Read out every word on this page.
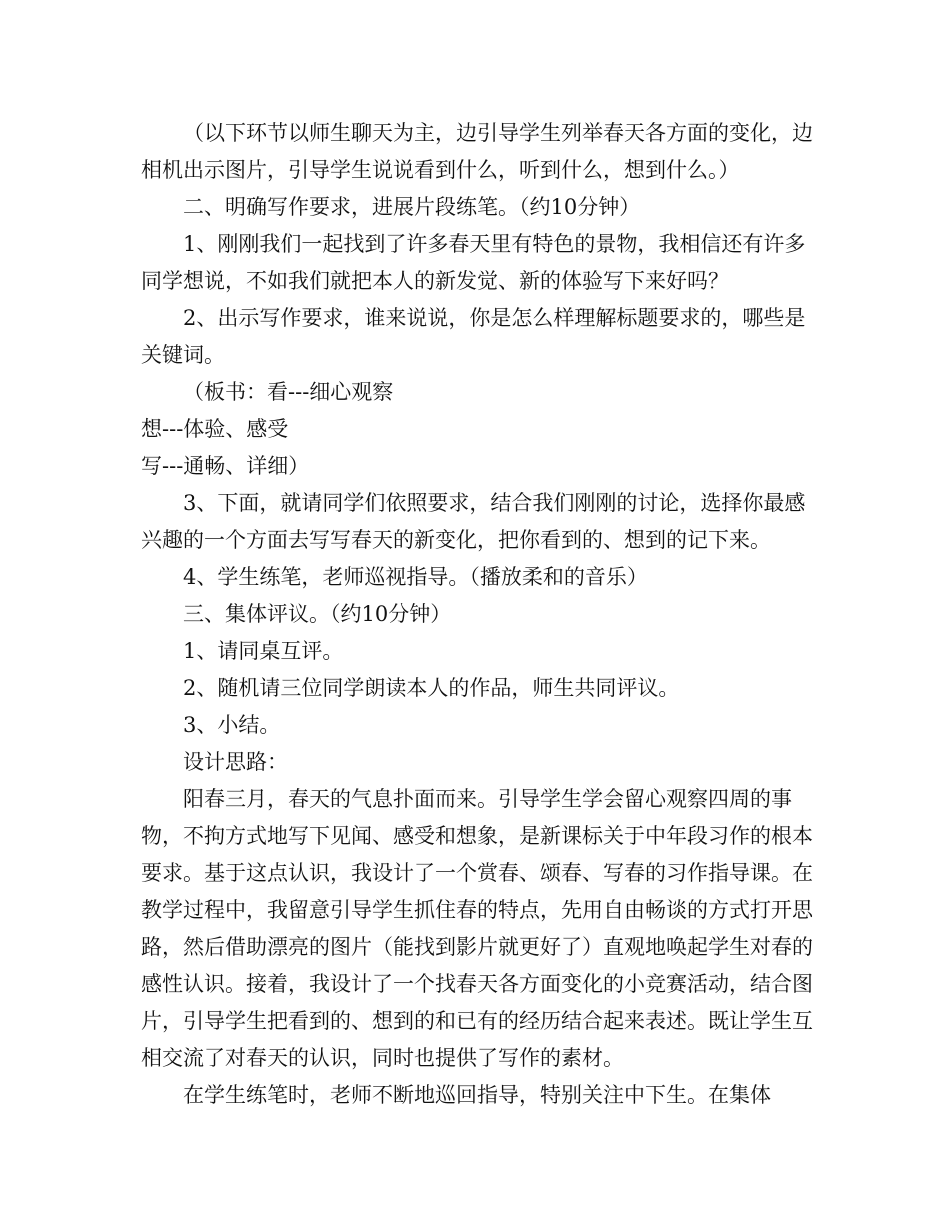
（以下环节以师生聊天为主，边引导学生列举春天各方面的变化，边相机出示图片，引导学生说说看到什么，听到什么，想到什么。）

二、明确写作要求，进展片段练笔。（约10分钟）

1、刚刚我们一起找到了许多春天里有特色的景物，我相信还有许多同学想说，不如我们就把本人的新发觉、新的体验写下来好吗？

2、出示写作要求，谁来说说，你是怎么样理解标题要求的，哪些是关键词。

（板书：看---细心观察

想---体验、感受

写---通畅、详细）

3、下面，就请同学们依照要求，结合我们刚刚的讨论，选择你最感兴趣的一个方面去写写春天的新变化，把你看到的、想到的记下来。

4、学生练笔，老师巡视指导。（播放柔和的音乐）

三、集体评议。（约10分钟）

1、请同桌互评。

2、随机请三位同学朗读本人的作品，师生共同评议。

3、小结。

设计思路：

阳春三月，春天的气息扑面而来。引导学生学会留心观察四周的事物，不拘方式地写下见闻、感受和想象，是新课标关于中年段习作的根本要求。基于这点认识，我设计了一个赏春、颂春、写春的习作指导课。在教学过程中，我留意引导学生抓住春的特点，先用自由畅谈的方式打开思路，然后借助漂亮的图片（能找到影片就更好了）直观地唤起学生对春的感性认识。接着，我设计了一个找春天各方面变化的小竞赛活动，结合图片，引导学生把看到的、想到的和已有的经历结合起来表述。既让学生互相交流了对春天的认识，同时也提供了写作的素材。

在学生练笔时，老师不断地巡回指导，特别关注中下生。在集体
